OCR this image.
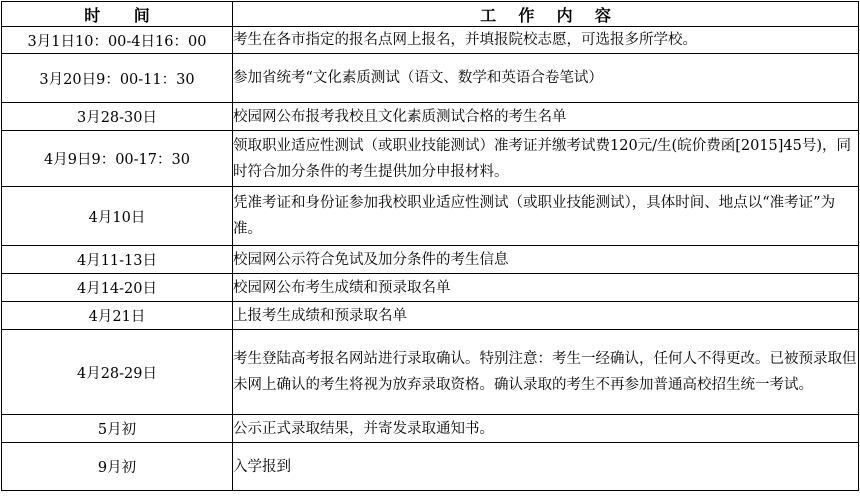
时      间	工    作    内    容
3月1日10：00-4日16：00	考生在各市指定的报名点网上报名，并填报院校志愿，可选报多所学校。
3月20日9：00-11：30	参加省统考“文化素质测试（语文、数学和英语合卷笔试）
3月28-30日	校园网公布报考我校且文化素质测试合格的考生名单
4月9日9：00-17：30	领取职业适应性测试（或职业技能测试）准考证并缴考试费120元/生(皖价费函[2015]45号)，同时符合加分条件的考生提供加分申报材料。
4月10日	凭准考证和身份证参加我校职业适应性测试（或职业技能测试），具体时间、地点以“准考证”为准。
4月11-13日	校园网公示符合免试及加分条件的考生信息
4月14-20日	校园网公布考生成绩和预录取名单
4月21日	上报考生成绩和预录取名单
4月28-29日	考生登陆高考报名网站进行录取确认。特别注意：考生一经确认，任何人不得更改。已被预录取但未网上确认的考生将视为放弃录取资格。确认录取的考生不再参加普通高校招生统一考试。
5月初	公示正式录取结果，并寄发录取通知书。
9月初	入学报到
